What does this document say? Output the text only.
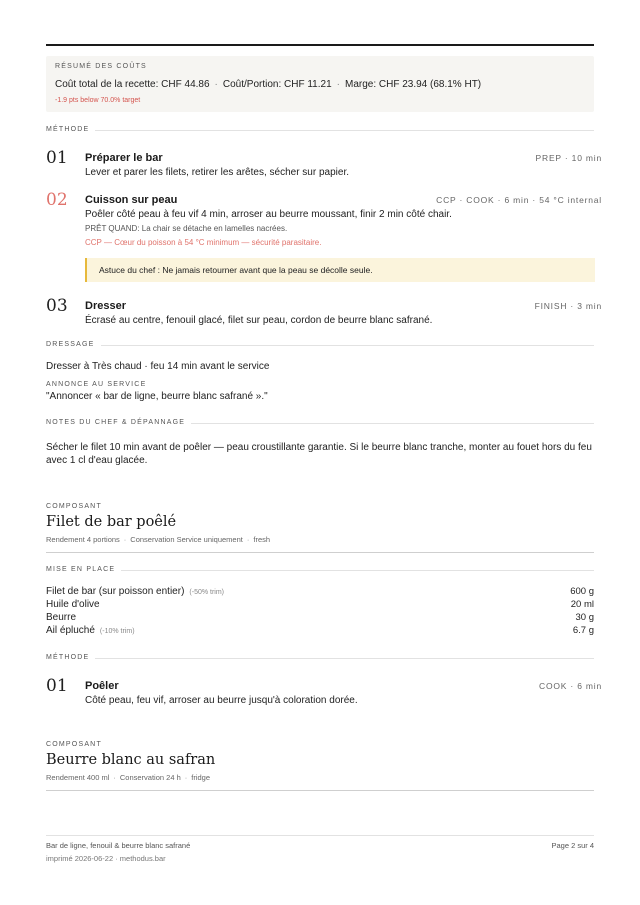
RÉSUMÉ DES COÛTS
Coût total de la recette: CHF 44.86 · Coût/Portion: CHF 11.21 · Marge: CHF 23.94 (68.1% HT)
-1.9 pts below 70.0% target
MÉTHODE
01 Préparer le bar	PREP · 10 min
Lever et parer les filets, retirer les arêtes, sécher sur papier.
02 Cuisson sur peau	CCP · COOK · 6 min · 54 °C internal
Poêler côté peau à feu vif 4 min, arroser au beurre moussant, finir 2 min côté chair.
PRÊT QUAND: La chair se détache en lamelles nacrées.
CCP — Cœur du poisson à 54 °C minimum — sécurité parasitaire.
Astuce du chef : Ne jamais retourner avant que la peau se décolle seule.
03 Dresser	FINISH · 3 min
Écrasé au centre, fenouil glacé, filet sur peau, cordon de beurre blanc safrané.
DRESSAGE
Dresser à Très chaud · feu 14 min avant le service
ANNONCE AU SERVICE
"Annoncer « bar de ligne, beurre blanc safrané »."
NOTES DU CHEF & DÉPANNAGE
Sécher le filet 10 min avant de poêler — peau croustillante garantie. Si le beurre blanc tranche, monter au fouet hors du feu avec 1 cl d'eau glacée.
COMPOSANT
Filet de bar poêlé
Rendement 4 portions · Conservation Service uniquement · fresh
MISE EN PLACE
Filet de bar (sur poisson entier) (-50% trim)	600 g
Huile d'olive	20 ml
Beurre	30 g
Ail épluché (-10% trim)	6.7 g
MÉTHODE
01 Poêler	COOK · 6 min
Côté peau, feu vif, arroser au beurre jusqu'à coloration dorée.
COMPOSANT
Beurre blanc au safran
Rendement 400 ml · Conservation 24 h · fridge
Bar de ligne, fenouil & beurre blanc safrané
imprimé 2026-06-22 · methodus.bar
Page 2 sur 4
